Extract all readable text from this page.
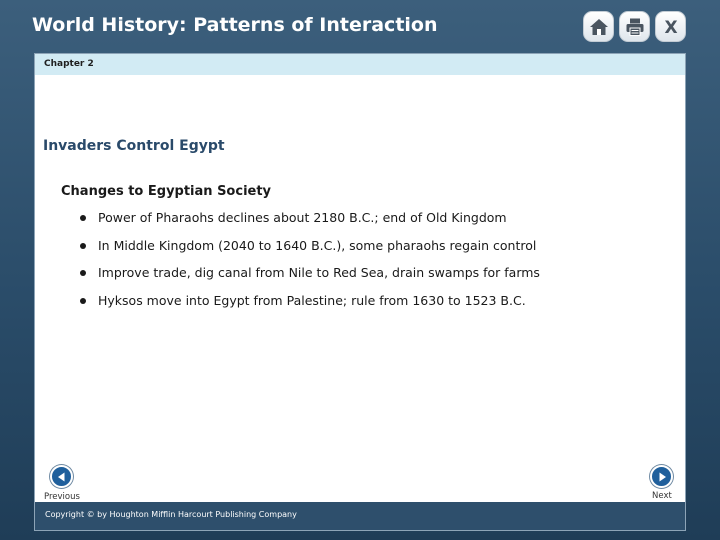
World History: Patterns of Interaction	X
Chapter 2
Invaders Control Egypt
Changes to Egyptian Society
Power of Pharaohs declines about 2180 B.C.; end of Old Kingdom
In Middle Kingdom (2040 to 1640 B.C.), some pharaohs regain control
Improve trade, dig canal from Nile to Red Sea, drain swamps for farms
Hyksos move into Egypt from Palestine; rule from 1630 to 1523 B.C.
Previous	Next
Copyright © by Houghton Mifflin Harcourt Publishing Company
